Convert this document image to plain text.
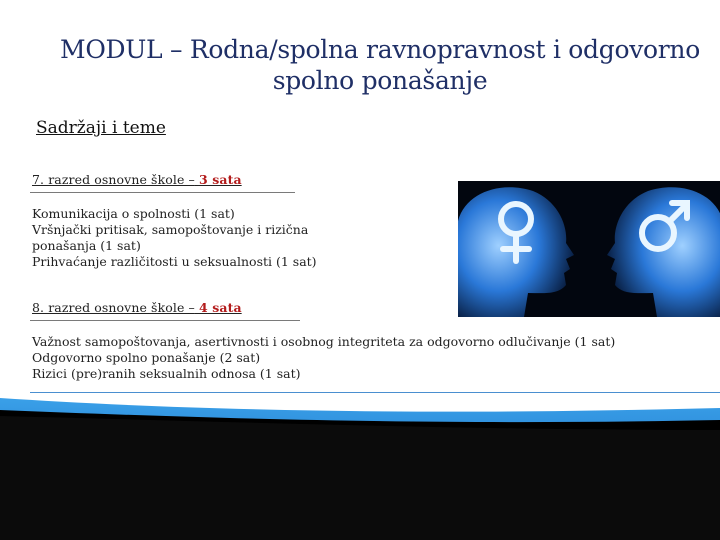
MODUL – Rodna/spolna ravnopravnost i odgovorno spolno ponašanje
Sadržaji i teme
7. razred osnovne škole – 3 sata
Komunikacija o spolnosti (1 sat)
Vršnjački pritisak, samopoštovanje i rizična ponašanja (1 sat)
Prihvaćanje različitosti u seksualnosti (1 sat)
8. razred osnovne škole – 4 sata
Važnost samopoštovanja, asertivnosti i osobnog integriteta za odgovorno odlučivanje (1 sat)
Odgovorno spolno ponašanje (2 sat)
Rizici (pre)ranih seksualnih odnosa (1 sat)
